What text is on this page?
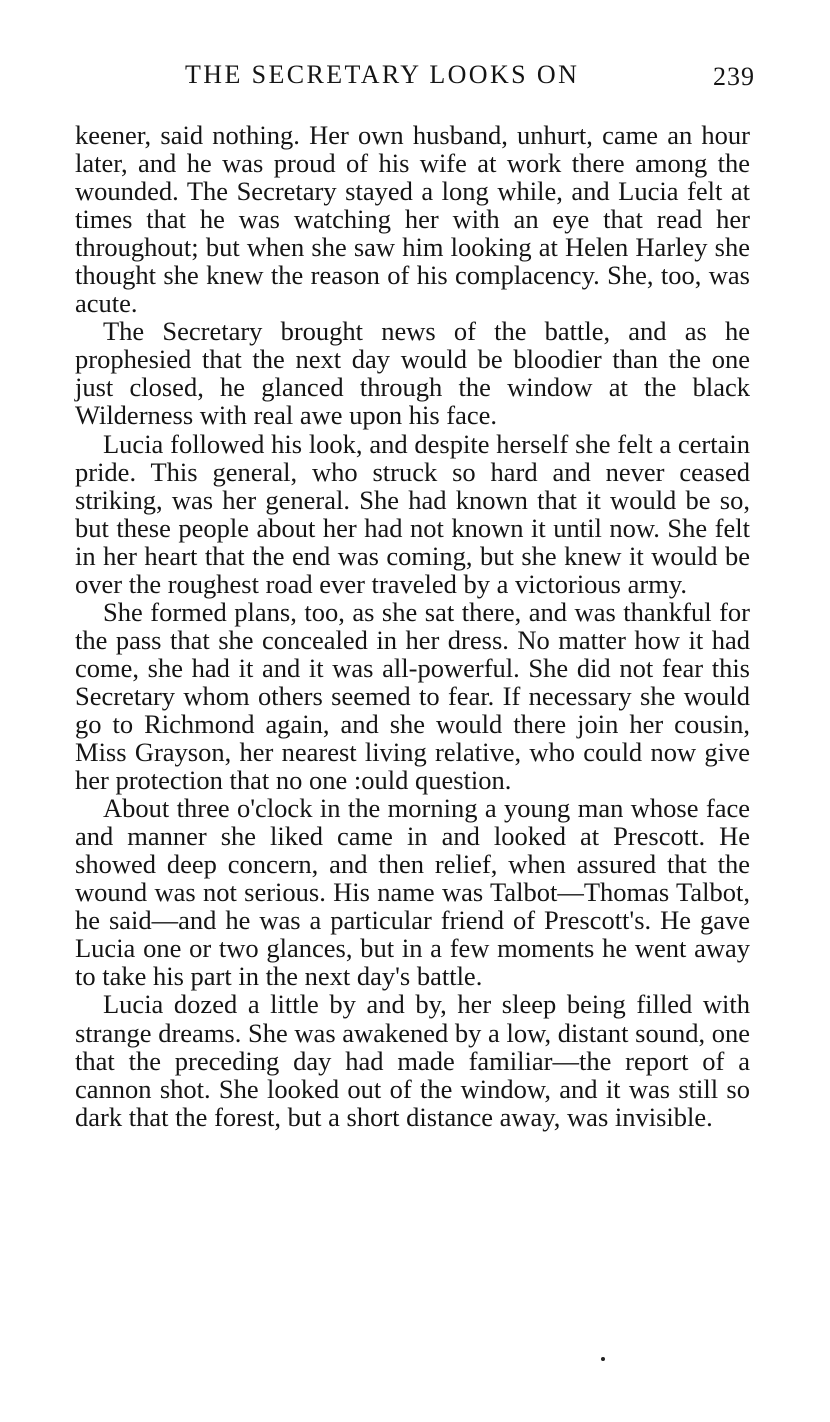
THE SECRETARY LOOKS ON	239

keener, said nothing. Her own husband, unhurt, came an hour later, and he was proud of his wife at work there among the wounded. The Secretary stayed a long while, and Lucia felt at times that he was watching her with an eye that read her throughout; but when she saw him looking at Helen Harley she thought she knew the reason of his complacency. She, too, was acute.

The Secretary brought news of the battle, and as he prophesied that the next day would be bloodier than the one just closed, he glanced through the window at the black Wilderness with real awe upon his face.

Lucia followed his look, and despite herself she felt a certain pride. This general, who struck so hard and never ceased striking, was her general. She had known that it would be so, but these people about her had not known it until now. She felt in her heart that the end was coming, but she knew it would be over the roughest road ever traveled by a victorious army.

She formed plans, too, as she sat there, and was thankful for the pass that she concealed in her dress. No matter how it had come, she had it and it was all-powerful. She did not fear this Secretary whom others seemed to fear. If necessary she would go to Richmond again, and she would there join her cousin, Miss Grayson, her nearest living relative, who could now give her protection that no one :ould question.

About three o'clock in the morning a young man whose face and manner she liked came in and looked at Prescott. He showed deep concern, and then relief, when assured that the wound was not serious. His name was Talbot—Thomas Talbot, he said—and he was a particular friend of Prescott's. He gave Lucia one or two glances, but in a few moments he went away to take his part in the next day's battle.

Lucia dozed a little by and by, her sleep being filled with strange dreams. She was awakened by a low, distant sound, one that the preceding day had made familiar—the report of a cannon shot. She looked out of the window, and it was still so dark that the forest, but a short distance away, was invisible.
